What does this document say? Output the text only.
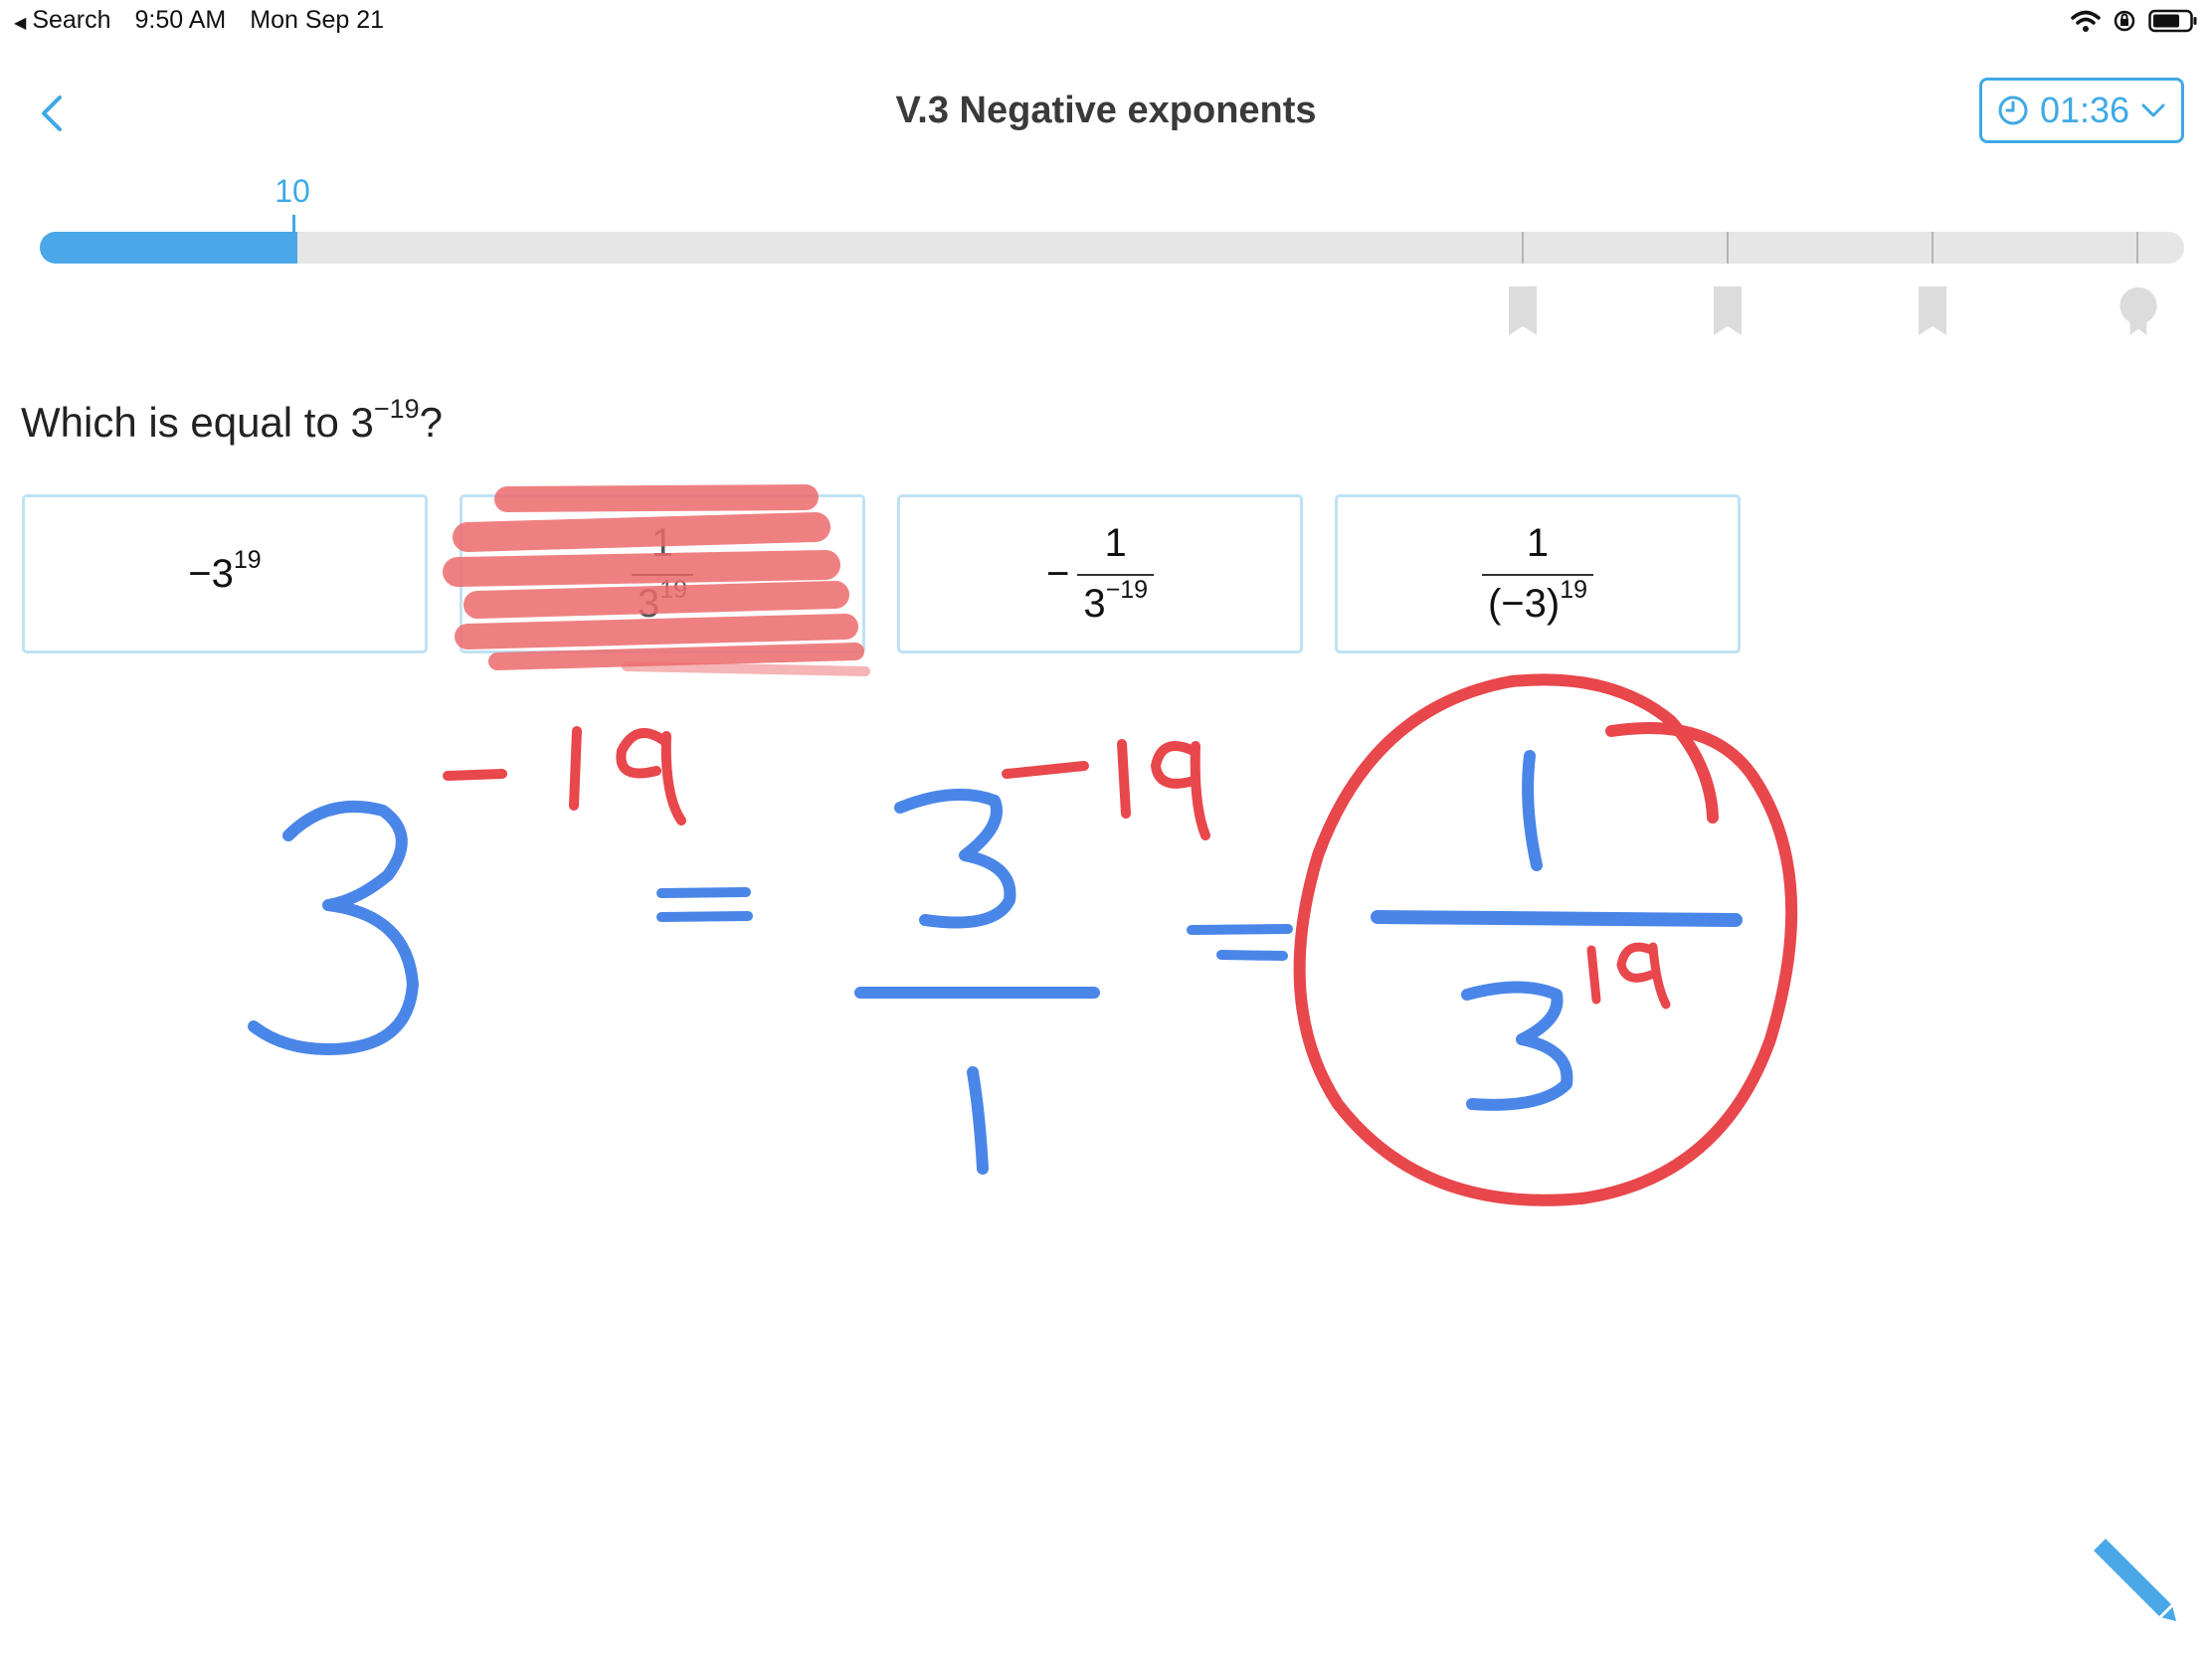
◀ Search 9:50 AM Mon Sep 21
V.3 Negative exponents	01:36
10
Which is equal to $3^{-19}$?
$-3^{19}$	$\frac{1}{3^{19}}$	− $\frac{1}{3^{-19}}$	$\frac{1}{(-3)^{19}}$
